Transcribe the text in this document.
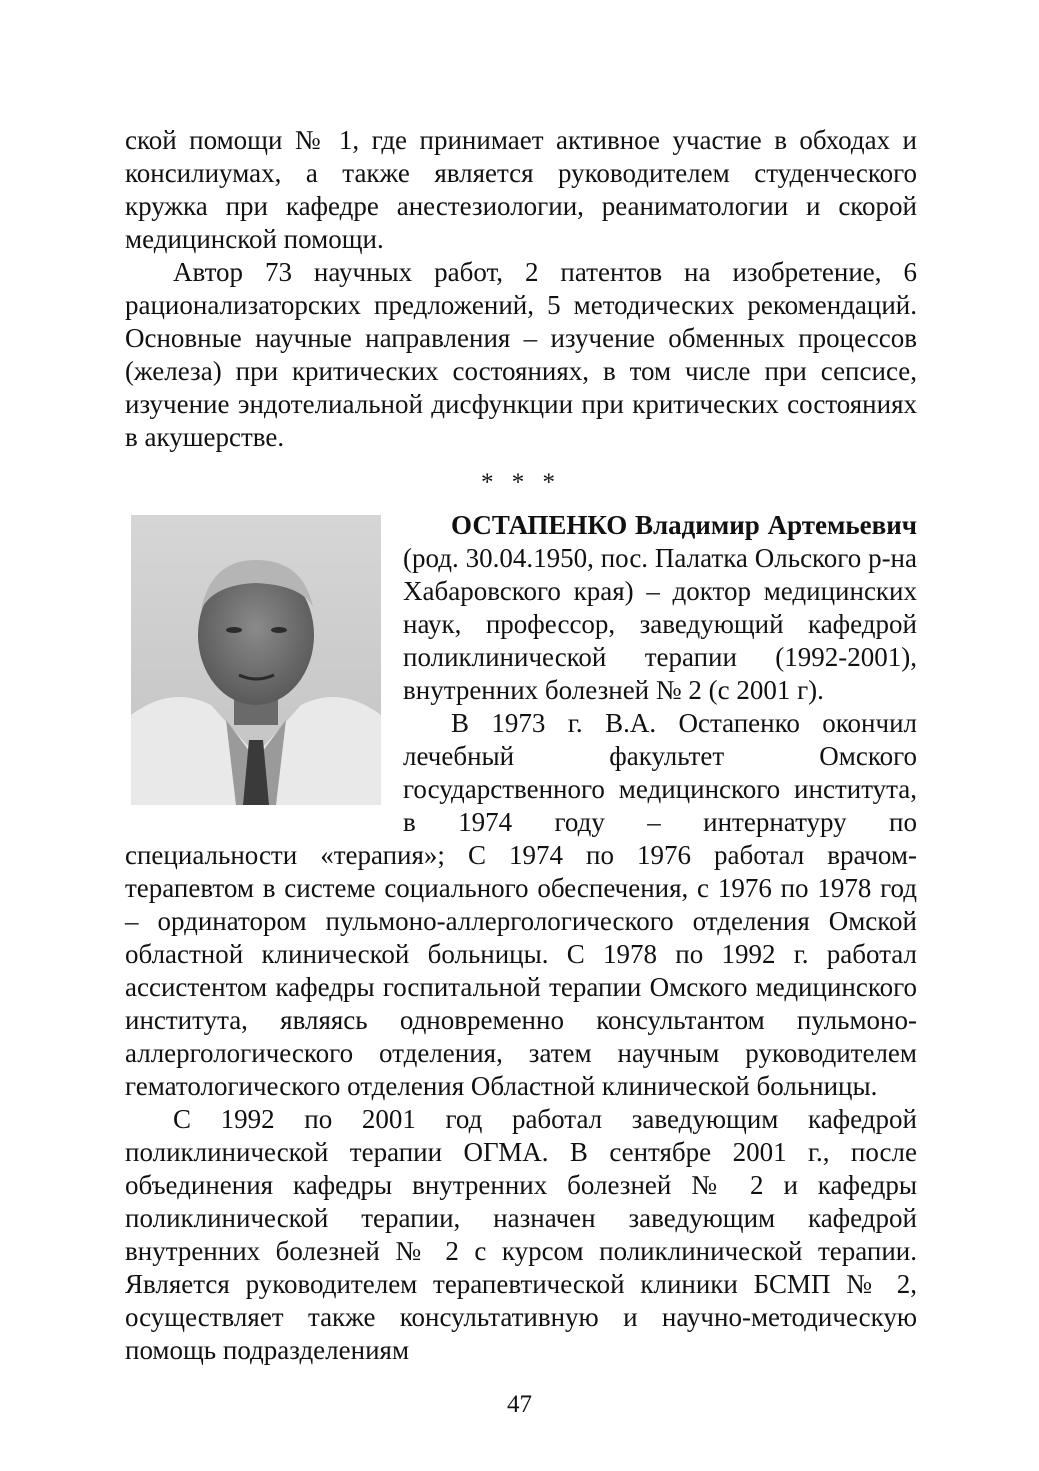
ской помощи № 1, где принимает активное участие в обходах и консилиумах, а также является руководителем студенческого кружка при кафедре анестезиологии, реаниматологии и скорой медицинской помощи.

Автор 73 научных работ, 2 патентов на изобретение, 6 рационализаторских предложений, 5 методических рекомендаций. Основные научные направления – изучение обменных процессов (железа) при критических состояниях, в том числе при сепсисе, изучение эндотелиальной дисфункции при критических состояниях в акушерстве.

* * *

ОСТАПЕНКО Владимир Артемьевич (род. 30.04.1950, пос. Палатка Ольского р-на Хабаровского края) – доктор медицинских наук, профессор, заведующий кафедрой поликлинической терапии (1992-2001), внутренних болезней № 2 (с 2001 г).

В 1973 г. В.А. Остапенко окончил лечебный факультет Омского государственного медицинского института, в 1974 году – интернатуру по специальности «терапия»; С 1974 по 1976 работал врачом-терапевтом в системе социального обеспечения, с 1976 по 1978 год – ординатором пульмоно-аллергологического отделения Омской областной клинической больницы. С 1978 по 1992 г. работал ассистентом кафедры госпитальной терапии Омского медицинского института, являясь одновременно консультантом пульмоно-аллергологического отделения, затем научным руководителем гематологического отделения Областной клинической больницы.

С 1992 по 2001 год работал заведующим кафедрой поликлинической терапии ОГМА. В сентябре 2001 г., после объединения кафедры внутренних болезней № 2 и кафедры поликлинической терапии, назначен заведующим кафедрой внутренних болезней № 2 с курсом поликлинической терапии. Является руководителем терапевтической клиники БСМП № 2, осуществляет также консультативную и научно-методическую помощь подразделениям

47
